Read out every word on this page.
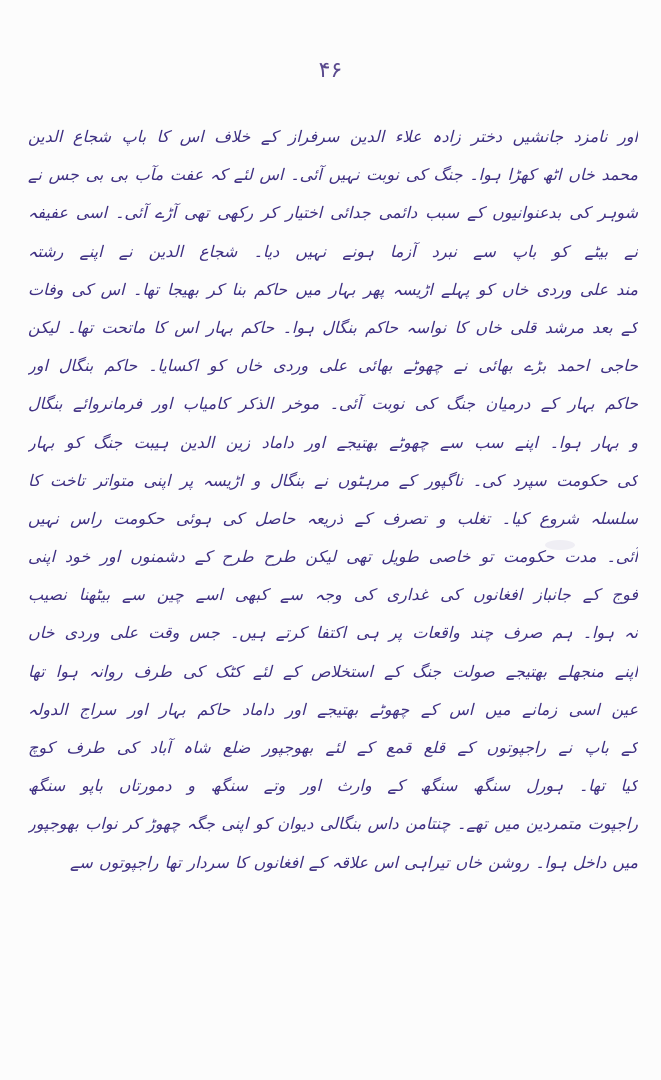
۴۶
اور نامزد جانشیں دختر زادہ علاء الدین سرفراز کے خلاف اس کا باپ شجاع الدین
محمد خاں اٹھ کھڑا ہوا۔ جنگ کی نوبت نہیں آئی۔ اس لئے کہ عفت مآب بی بی جس نے
شوہر کی بدعنوانیوں کے سبب دائمی جدائی اختیار کر رکھی تھی آڑے آئی۔ اسی عفیفہ
نے بیٹے کو باپ سے نبرد آزما ہونے نہیں دیا۔ شجاع الدین نے اپنے رشتہ
مند علی وردی خاں کو پہلے اڑیسہ پھر بہار میں حاکم بنا کر بھیجا تھا۔ اس کی وفات
کے بعد مرشد قلی خاں کا نواسہ حاکم بنگال ہوا۔ حاکم بہار اس کا ماتحت تھا۔ لیکن
حاجی احمد بڑے بھائی نے چھوٹے بھائی علی وردی خاں کو اکسایا۔ حاکم بنگال اور
حاکم بہار کے درمیان جنگ کی نوبت آئی۔ موخر الذکر کامیاب اور فرمانروائے بنگال
و بہار ہوا۔ اپنے سب سے چھوٹے بھتیجے اور داماد زین الدین ہیبت جنگ کو بہار
کی حکومت سپرد کی۔ ناگپور کے مرہٹوں نے بنگال و اڑیسہ پر اپنی متواتر تاخت کا
سلسلہ شروع کیا۔ تغلب و تصرف کے ذریعہ حاصل کی ہوئی حکومت راس نہیں
آئی۔ مدت حکومت تو خاصی طویل تھی لیکن طرح طرح کے دشمنوں اور خود اپنی
فوج کے جانباز افغانوں کی غداری کی وجہ سے کبھی اسے چین سے بیٹھنا نصیب
نہ ہوا۔ ہم صرف چند واقعات پر ہی اکتفا کرتے ہیں۔ جس وقت علی وردی خاں
اپنے منجھلے بھتیجے صولت جنگ کے استخلاص کے لئے کٹک کی طرف روانہ ہوا تھا
عین اسی زمانے میں اس کے چھوٹے بھتیجے اور داماد حاکم بہار اور سراج الدولہ
کے باپ نے راجپوتوں کے قلع قمع کے لئے بھوجپور ضلع شاہ آباد کی طرف کوچ
کیا تھا۔ ہورل سنگھ سنگھ کے وارث اور وتے سنگھ و دمورتاں باپو سنگھ
راجپوت متمردین میں تھے۔ چنتامن داس بنگالی دیوان کو اپنی جگہ چھوڑ کر نواب بھوجپور
میں داخل ہوا۔ روشن خاں تیراہی اس علاقہ کے افغانوں کا سردار تھا راجپوتوں سے
